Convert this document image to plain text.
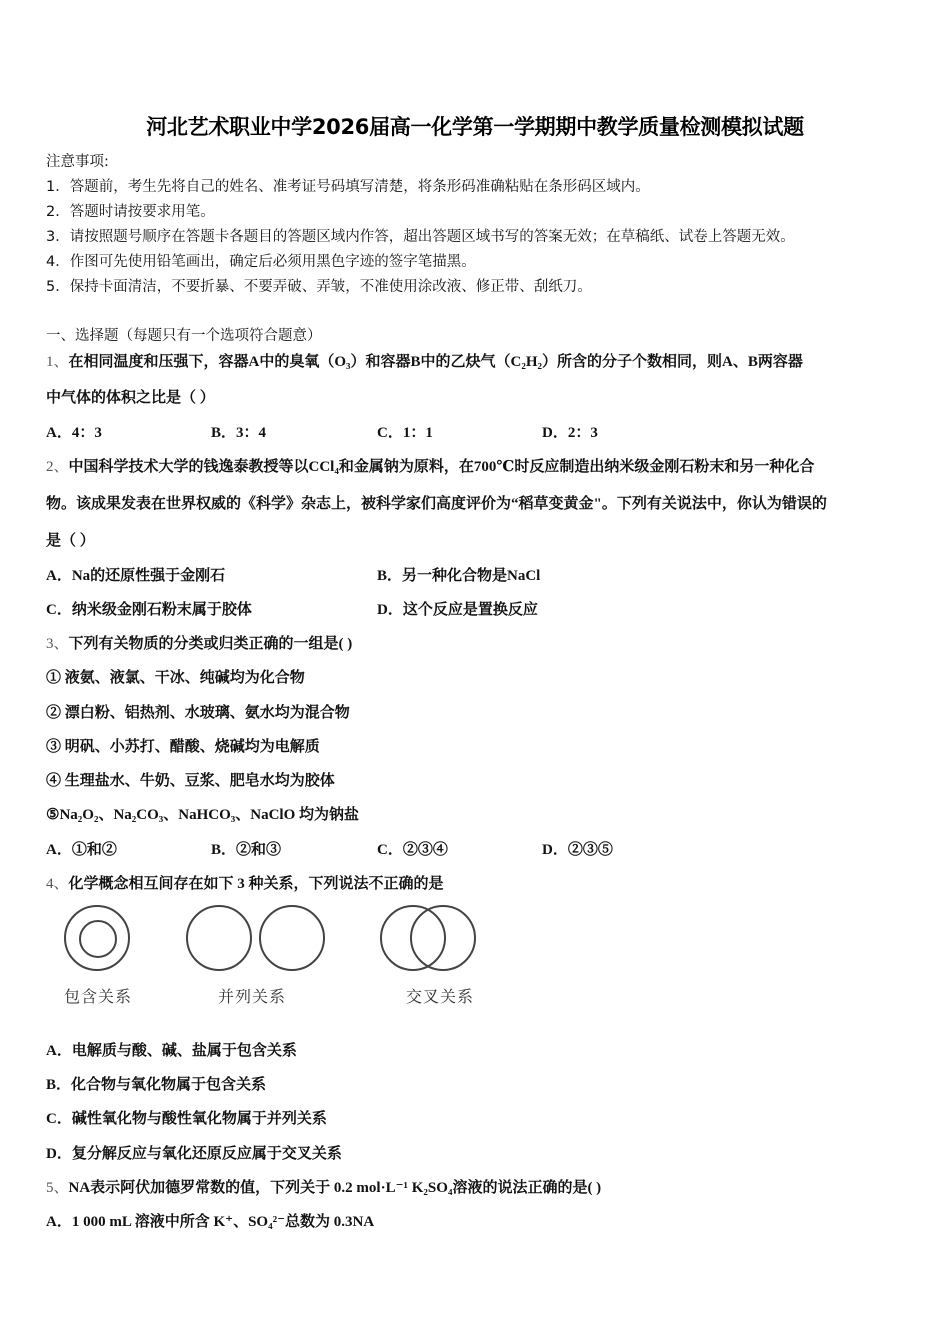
河北艺术职业中学2026届高一化学第一学期期中教学质量检测模拟试题
注意事项:
1．答题前，考生先将自己的姓名、准考证号码填写清楚，将条形码准确粘贴在条形码区域内。
2．答题时请按要求用笔。
3．请按照题号顺序在答题卡各题目的答题区域内作答，超出答题区域书写的答案无效；在草稿纸、试卷上答题无效。
4．作图可先使用铅笔画出，确定后必须用黑色字迹的签字笔描黑。
5．保持卡面清洁，不要折暴、不要弄破、弄皱，不准使用涂改液、修正带、刮纸刀。
一、选择题（每题只有一个选项符合题意）
1、在相同温度和压强下，容器A中的臭氧（O₃）和容器B中的乙炔气（C₂H₂）所含的分子个数相同，则A、B两容器
中气体的体积之比是（ ）
A．4：3	B．3：4	C．1：1	D．2：3
2、中国科学技术大学的钱逸泰教授等以CCl₄和金属钠为原料，在700℃时反应制造出纳米级金刚石粉末和另一种化合
物。该成果发表在世界权威的《科学》杂志上，被科学家们高度评价为“稻草变黄金"。下列有关说法中，你认为错误的
是（ ）
A．Na的还原性强于金刚石	B．另一种化合物是NaCl
C．纳米级金刚石粉末属于胶体	D．这个反应是置换反应
3、下列有关物质的分类或归类正确的一组是( )
① 液氨、液氯、干冰、纯碱均为化合物
② 漂白粉、铝热剂、水玻璃、氨水均为混合物
③ 明矾、小苏打、醋酸、烧碱均为电解质
④ 生理盐水、牛奶、豆浆、肥皂水均为胶体
⑤Na₂O₂、Na₂CO₃、NaHCO₃、NaClO 均为钠盐
A．①和②	B．②和③	C．②③④	D．②③⑤
4、化学概念相互间存在如下 3 种关系，下列说法不正确的是
包含关系	并列关系	交叉关系
A．电解质与酸、碱、盐属于包含关系
B．化合物与氧化物属于包含关系
C．碱性氧化物与酸性氧化物属于并列关系
D．复分解反应与氧化还原反应属于交叉关系
5、NA表示阿伏加德罗常数的值，下列关于 0.2 mol·L⁻¹ K₂SO₄溶液的说法正确的是( )
A．1 000 mL 溶液中所含 K⁺、SO₄²⁻总数为 0.3NA
